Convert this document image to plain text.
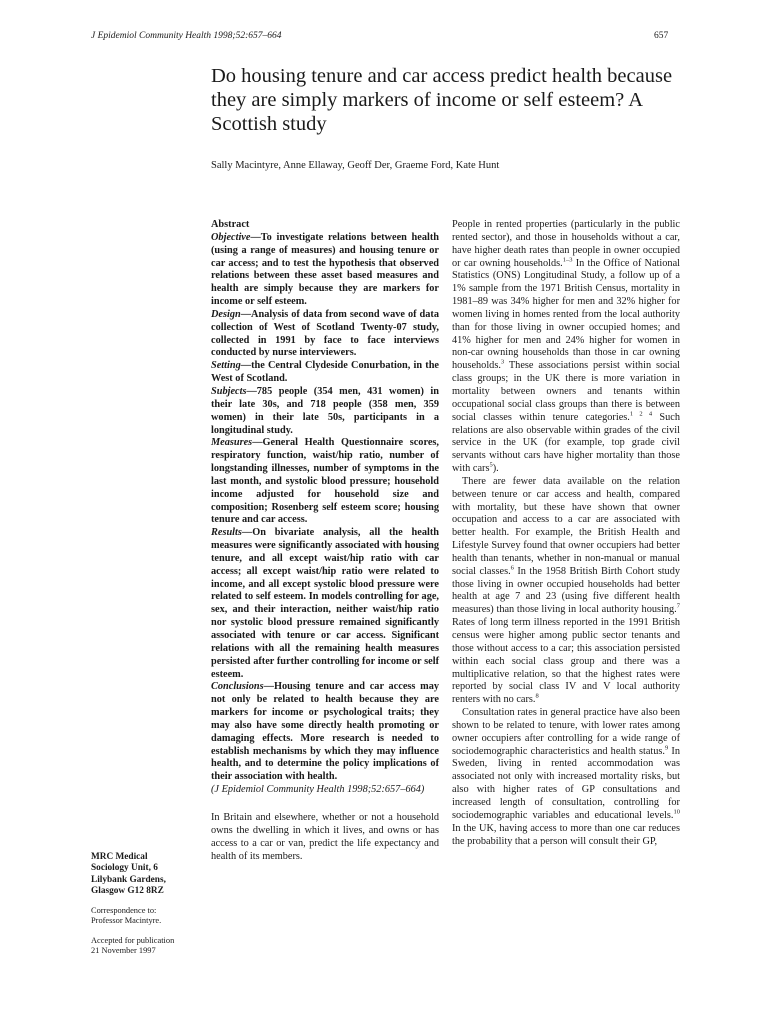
J Epidemiol Community Health 1998;52:657–664	657
Do housing tenure and car access predict health because they are simply markers of income or self esteem? A Scottish study
Sally Macintyre, Anne Ellaway, Geoff Der, Graeme Ford, Kate Hunt

Abstract

Objective—To investigate relations between health (using a range of measures) and housing tenure or car access; and to test the hypothesis that observed relations between these asset based measures and health are simply because they are markers for income or self esteem.

Design—Analysis of data from second wave of data collection of West of Scotland Twenty-07 study, collected in 1991 by face to face interviews conducted by nurse interviewers.

Setting—the Central Clydeside Conurbation, in the West of Scotland.

Subjects—785 people (354 men, 431 women) in their late 30s, and 718 people (358 men, 359 women) in their late 50s, participants in a longitudinal study.

Measures—General Health Questionnaire scores, respiratory function, waist/hip ratio, number of longstanding illnesses, number of symptoms in the last month, and systolic blood pressure; household income adjusted for household size and composition; Rosenberg self esteem score; housing tenure and car access.

Results—On bivariate analysis, all the health measures were significantly associated with housing tenure, and all except waist/hip ratio with car access; all except waist/hip ratio were related to income, and all except systolic blood pressure were related to self esteem. In models controlling for age, sex, and their interaction, neither waist/hip ratio nor systolic blood pressure remained significantly associated with tenure or car access. Significant relations with all the remaining health measures persisted after further controlling for income or self esteem.

Conclusions—Housing tenure and car access may not only be related to health because they are markers for income or psychological traits; they may also have some directly health promoting or damaging effects. More research is needed to establish mechanisms by which they may influence health, and to determine the policy implications of their association with health.

(J Epidemiol Community Health 1998;52:657–664)

In Britain and elsewhere, whether or not a household owns the dwelling in which it lives, and owns or has access to a car or van, predict the life expectancy and health of its members.

People in rented properties (particularly in the public rented sector), and those in households without a car, have higher death rates than people in owner occupied or car owning households.$^{1-3}$ In the Office of National Statistics (ONS) Longitudinal Study, a follow up of a 1% sample from the 1971 British Census, mortality in 1981–89 was 34% higher for men and 32% higher for women living in homes rented from the local authority than for those living in owner occupied homes; and 41% higher for men and 24% higher for women in non-car owning households than those in car owning households.$^3$ These associations persist within social class groups; in the UK there is more variation in mortality between owners and tenants within occupational social class groups than there is between social classes within tenure categories.$^{1 2 4}$ Such relations are also observable within grades of the civil service in the UK (for example, top grade civil servants without cars have higher mortality than those with cars$^5$).

There are fewer data available on the relation between tenure or car access and health, compared with mortality, but these have shown that owner occupation and access to a car are associated with better health. For example, the British Health and Lifestyle Survey found that owner occupiers had better health than tenants, whether in non-manual or manual social classes.$^6$ In the 1958 British Birth Cohort study those living in owner occupied households had better health at age 7 and 23 (using five different health measures) than those living in local authority housing.$^7$ Rates of long term illness reported in the 1991 British census were higher among public sector tenants and those without access to a car; this association persisted within each social class group and there was a multiplicative relation, so that the highest rates were reported by social class IV and V local authority renters with no cars.$^8$

Consultation rates in general practice have also been shown to be related to tenure, with lower rates among owner occupiers after controlling for a wide range of sociodemographic characteristics and health status.$^9$ In Sweden, living in rented accommodation was associated not only with increased mortality risks, but also with higher rates of GP consultations and increased length of consultation, controlling for sociodemographic variables and educational levels.$^{10}$ In the UK, having access to more than one car reduces the probability that a person will consult their GP,

MRC Medical
Sociology Unit, 6
Lilybank Gardens,
Glasgow G12 8RZ
Correspondence to:
Professor Macintyre.
Accepted for publication
21 November 1997
